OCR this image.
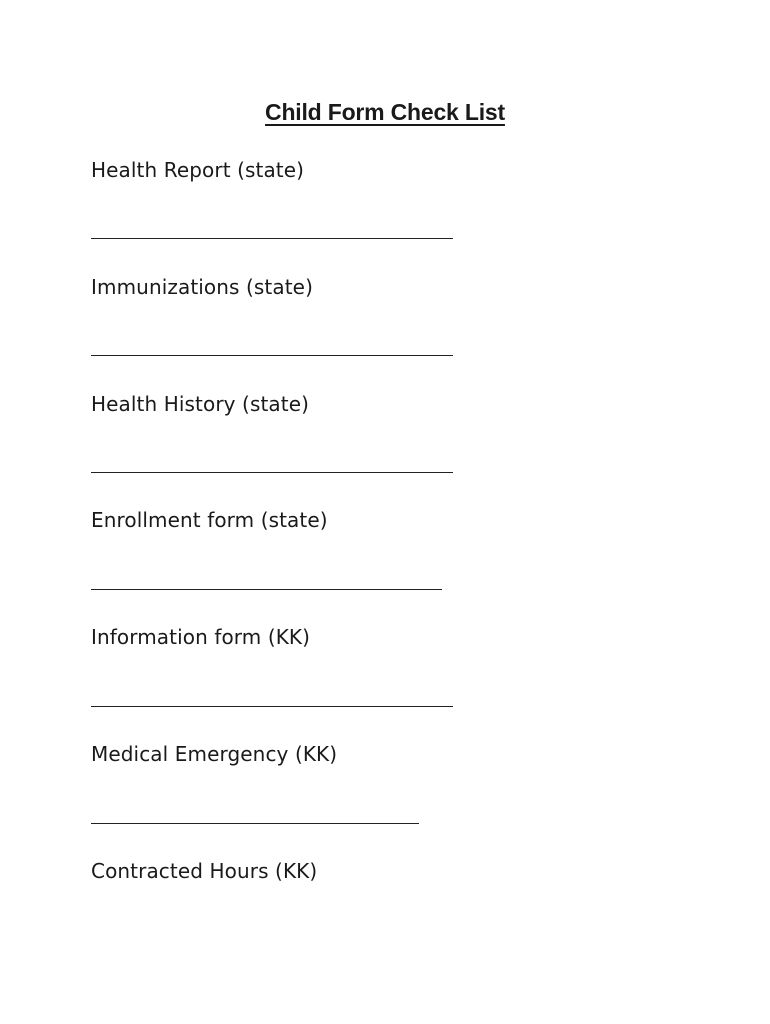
Child Form Check List
Health Report (state)
Immunizations (state)
Health History (state)
Enrollment form (state)
Information form (KK)
Medical Emergency (KK)
Contracted Hours (KK)
